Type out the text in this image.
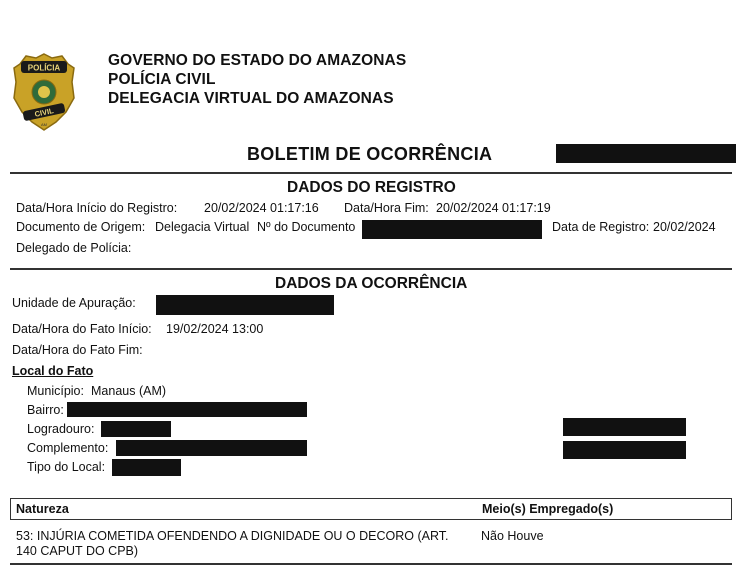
POLÍCIA
CIVIL
AM
GOVERNO DO ESTADO DO AMAZONAS
POLÍCIA CIVIL
DELEGACIA VIRTUAL DO AMAZONAS
BOLETIM DE OCORRÊNCIA
DADOS DO REGISTRO
Data/Hora Início do Registro: 20/02/2024 01:17:16 Data/Hora Fim: 20/02/2024 01:17:19
Documento de Origem: Delegacia Virtual Nº do Documento	Data de Registro: 20/02/2024
Delegado de Polícia:
DADOS DA OCORRÊNCIA
Unidade de Apuração:
Data/Hora do Fato Início: 19/02/2024 13:00
Data/Hora do Fato Fim:
Local do Fato
Município: Manaus (AM)
Bairro:
Logradouro:
Complemento:
Tipo do Local:
Natureza	Meio(s) Empregado(s)
53: INJÚRIA COMETIDA OFENDENDO A DIGNIDADE OU O DECORO (ART.
140 CAPUT DO CPB)
Não Houve
